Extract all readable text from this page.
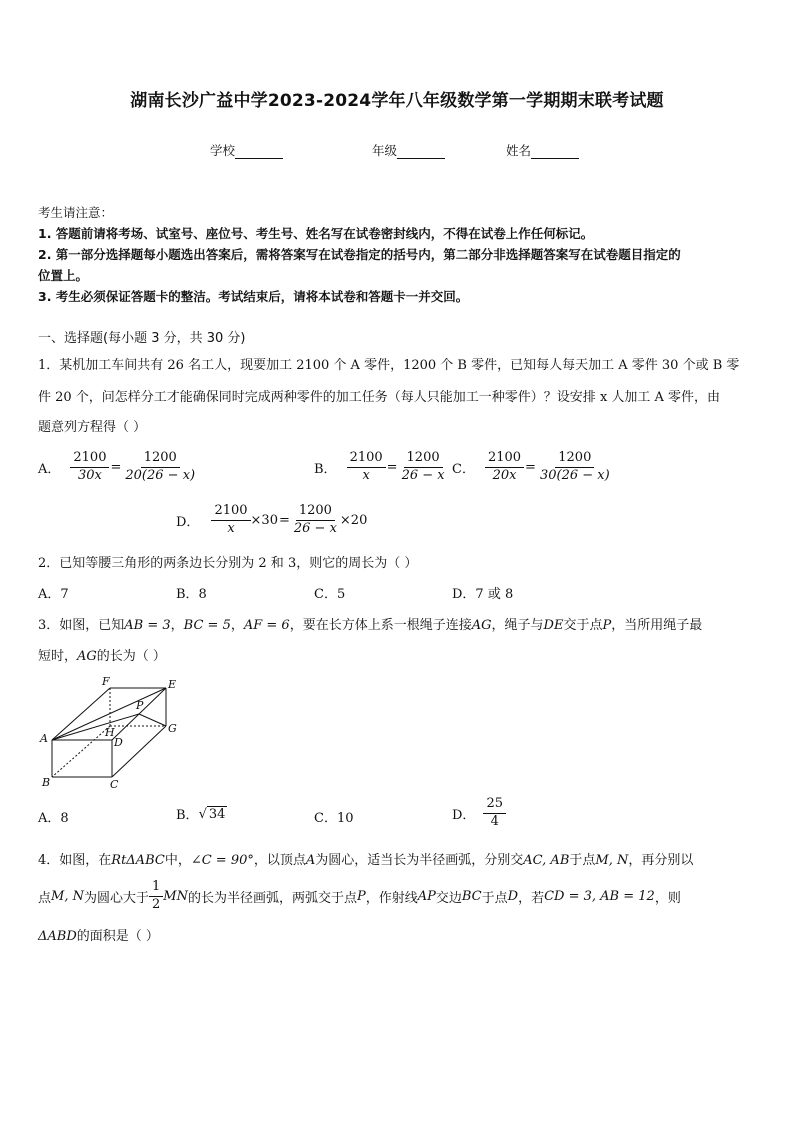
湖南长沙广益中学2023-2024学年八年级数学第一学期期末联考试题
学校	年级	姓名
考生请注意：
1. 答题前请将考场、试室号、座位号、考生号、姓名写在试卷密封线内，不得在试卷上作任何标记。
2. 第一部分选择题每小题选出答案后，需将答案写在试卷指定的括号内，第二部分非选择题答案写在试卷题目指定的
位置上。
3. 考生必须保证答题卡的整洁。考试结束后，请将本试卷和答题卡一并交回。
一、选择题(每小题 3 分，共 30 分)
1．某机加工车间共有 26 名工人，现要加工 2100 个 A 零件，1200 个 B 零件，已知每人每天加工 A 零件 30 个或 B 零
件 20 个，问怎样分工才能确保同时完成两种零件的加工任务（每人只能加工一种零件）？设安排 x 人加工 A 零件，由
题意列方程得（ ）
A． $\frac{2100}{30x} = \frac{1200}{20(26 - x)}$	B． $\frac{2100}{x} = \frac{1200}{26 - x}$ C． $\frac{2100}{20x} = \frac{1200}{30(26 - x)}$
D． $\frac{2100}{x} \times 30 = \frac{1200}{26 - x} \times 20$
2．已知等腰三角形的两条边长分别为 2 和 3，则它的周长为（ ）
A．7	B．8	C．5	D．7 或 8
3．如图，已知AB = 3，BC = 5，AF = 6，要在长方体上系一根绳子连接AG，绳子与DE交于点P，当所用绳子最
短时，AG的长为（ ）
F	E
P
A	H
D
G
B	C
A．8	B． √ 34	C．10	D． $\frac{25}{4}$
4．如图，在RtΔABC中，∠C = 90°，以顶点A为圆心，适当长为半径画弧，分别交AC, AB于点M, N，再分别以
点 M, N 为圆心大于 $\frac{1}{2}$ MN 的长为半径画弧，两弧交于点 P ，作射线 AP 交边 BC 于点 D ，若 CD = 3, AB = 12 ，则
ΔABD的面积是（ ）
